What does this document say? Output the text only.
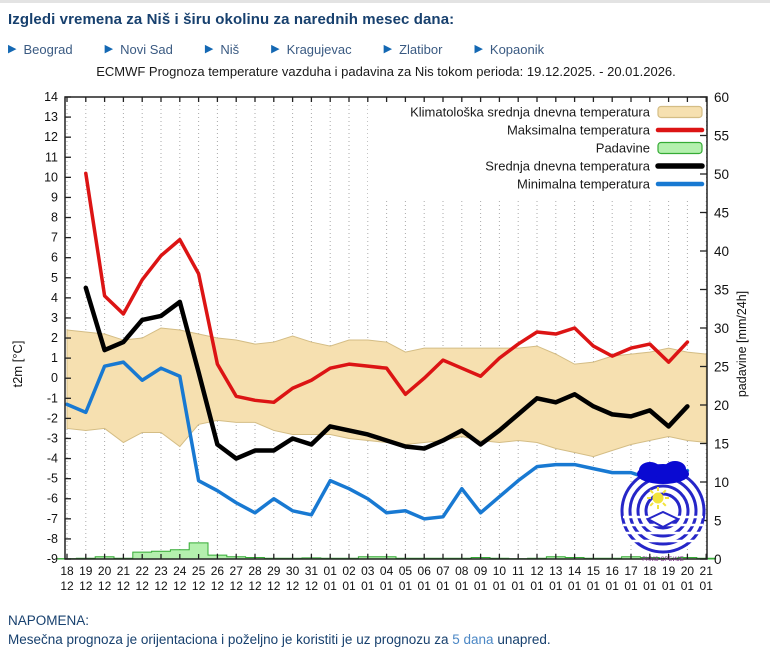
Izgledi vremena za Niš i širu okolinu za narednih mesec dana:
▶ Beograd	▶ Novi Sad	▶ Niš	▶ Kragujevac	▶ Zlatibor	▶ Kopaonik
ECMWF Prognoza temperature vazduha i padavina za Nis tokom perioda: 19.12.2025. - 20.01.2026.
Klimatološka srednja dnevna temperatura
Maksimalna temperatura
Padavine
Srednja dnevna temperatura
Minimalna temperatura
-9
-8
-7
-6
-5
-4
-3
-2
-1
0
1
2
3
4
5
6
7
8
9
10
11
12
13
14
0
5
10
15
20
25
30
35
40
45
50
55
60
18
12
19
12
20
12
21
12
22
12
23
12
24
12
25
12
26
12
27
12
28
12
29
12
30
12
31
12
01
01
02
01
03
01
04
01
05
01
06
01
07
01
08
01
09
01
10
01
11
01
12
01
13
01
14
01
15
01
16
01
17
01
18
01
19
01
20
01
21
01
t2m [°C]	padavine [mm/24h]
РХМЗ СРБИЈЕ
NAPOMENA:
Mesečna prognoza je orijentaciona i poželjno je koristiti je uz prognozu za 5 dana unapred.
